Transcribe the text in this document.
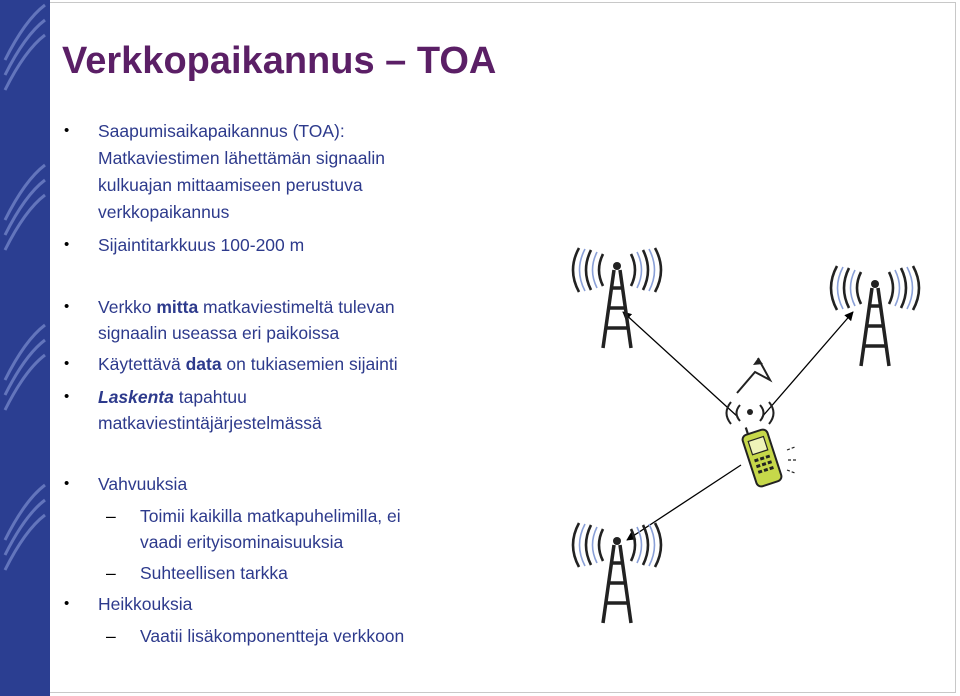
Verkkopaikannus – TOA
• Saapumisaikapaikannus (TOA):
Matkaviestimen lähettämän signaalin
kulkuajan mittaamiseen perustuva
verkkopaikannus
• Sijaintitarkkuus 100-200 m
• Verkko mitta matkaviestimeltä tulevan
signaalin useassa eri paikoissa
• Käytettävä data on tukiasemien sijainti
• Laskenta tapahtuu
matkaviestintäjärjestelmässä
• Vahvuuksia
– Toimii kaikilla matkapuhelimilla, ei
vaadi erityisominaisuuksia
– Suhteellisen tarkka
• Heikkouksia
– Vaatii lisäkomponentteja verkkoon
